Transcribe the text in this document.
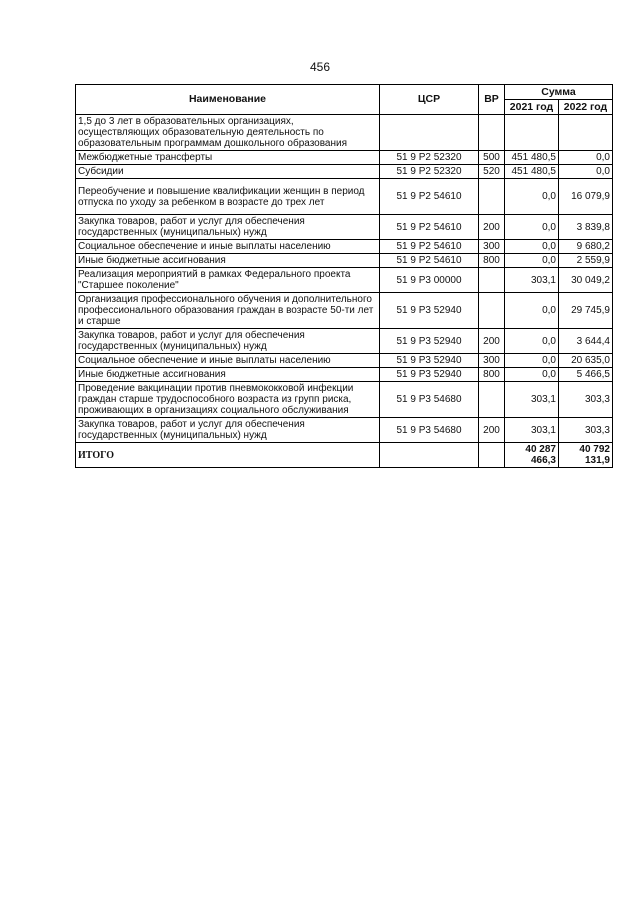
456
Наименование	ЦСР	ВР	Сумма	
			2021 год	2022 год
1,5 до 3 лет в образовательных организациях, осуществляющих образовательную деятельность по образовательным программам дошкольного образования				
Межбюджетные трансферты	51 9 P2 52320	500	451 480,5	0,0
Субсидии	51 9 P2 52320	520	451 480,5	0,0
Переобучение и повышение квалификации женщин в период отпуска по уходу за ребенком в возрасте до трех лет	51 9 P2 54610		0,0	16 079,9
Закупка товаров, работ и услуг для обеспечения государственных (муниципальных) нужд	51 9 P2 54610	200	0,0	3 839,8
Социальное обеспечение и иные выплаты населению	51 9 P2 54610	300	0,0	9 680,2
Иные бюджетные ассигнования	51 9 P2 54610	800	0,0	2 559,9
Реализация мероприятий в рамках Федерального проекта "Старшее поколение"	51 9 P3 00000		303,1	30 049,2
Организация профессионального обучения и дополнительного профессионального образования граждан в возрасте 50-ти лет и старше	51 9 P3 52940		0,0	29 745,9
Закупка товаров, работ и услуг для обеспечения государственных (муниципальных) нужд	51 9 P3 52940	200	0,0	3 644,4
Социальное обеспечение и иные выплаты населению	51 9 P3 52940	300	0,0	20 635,0
Иные бюджетные ассигнования	51 9 P3 52940	800	0,0	5 466,5
Проведение вакцинации против пневмококковой инфекции граждан старше трудоспособного возраста из групп риска, проживающих в организациях социального обслуживания	51 9 P3 54680		303,1	303,3
Закупка товаров, работ и услуг для обеспечения государственных (муниципальных) нужд	51 9 P3 54680	200	303,1	303,3
ИТОГО			40 287 466,3	40 792 131,9
